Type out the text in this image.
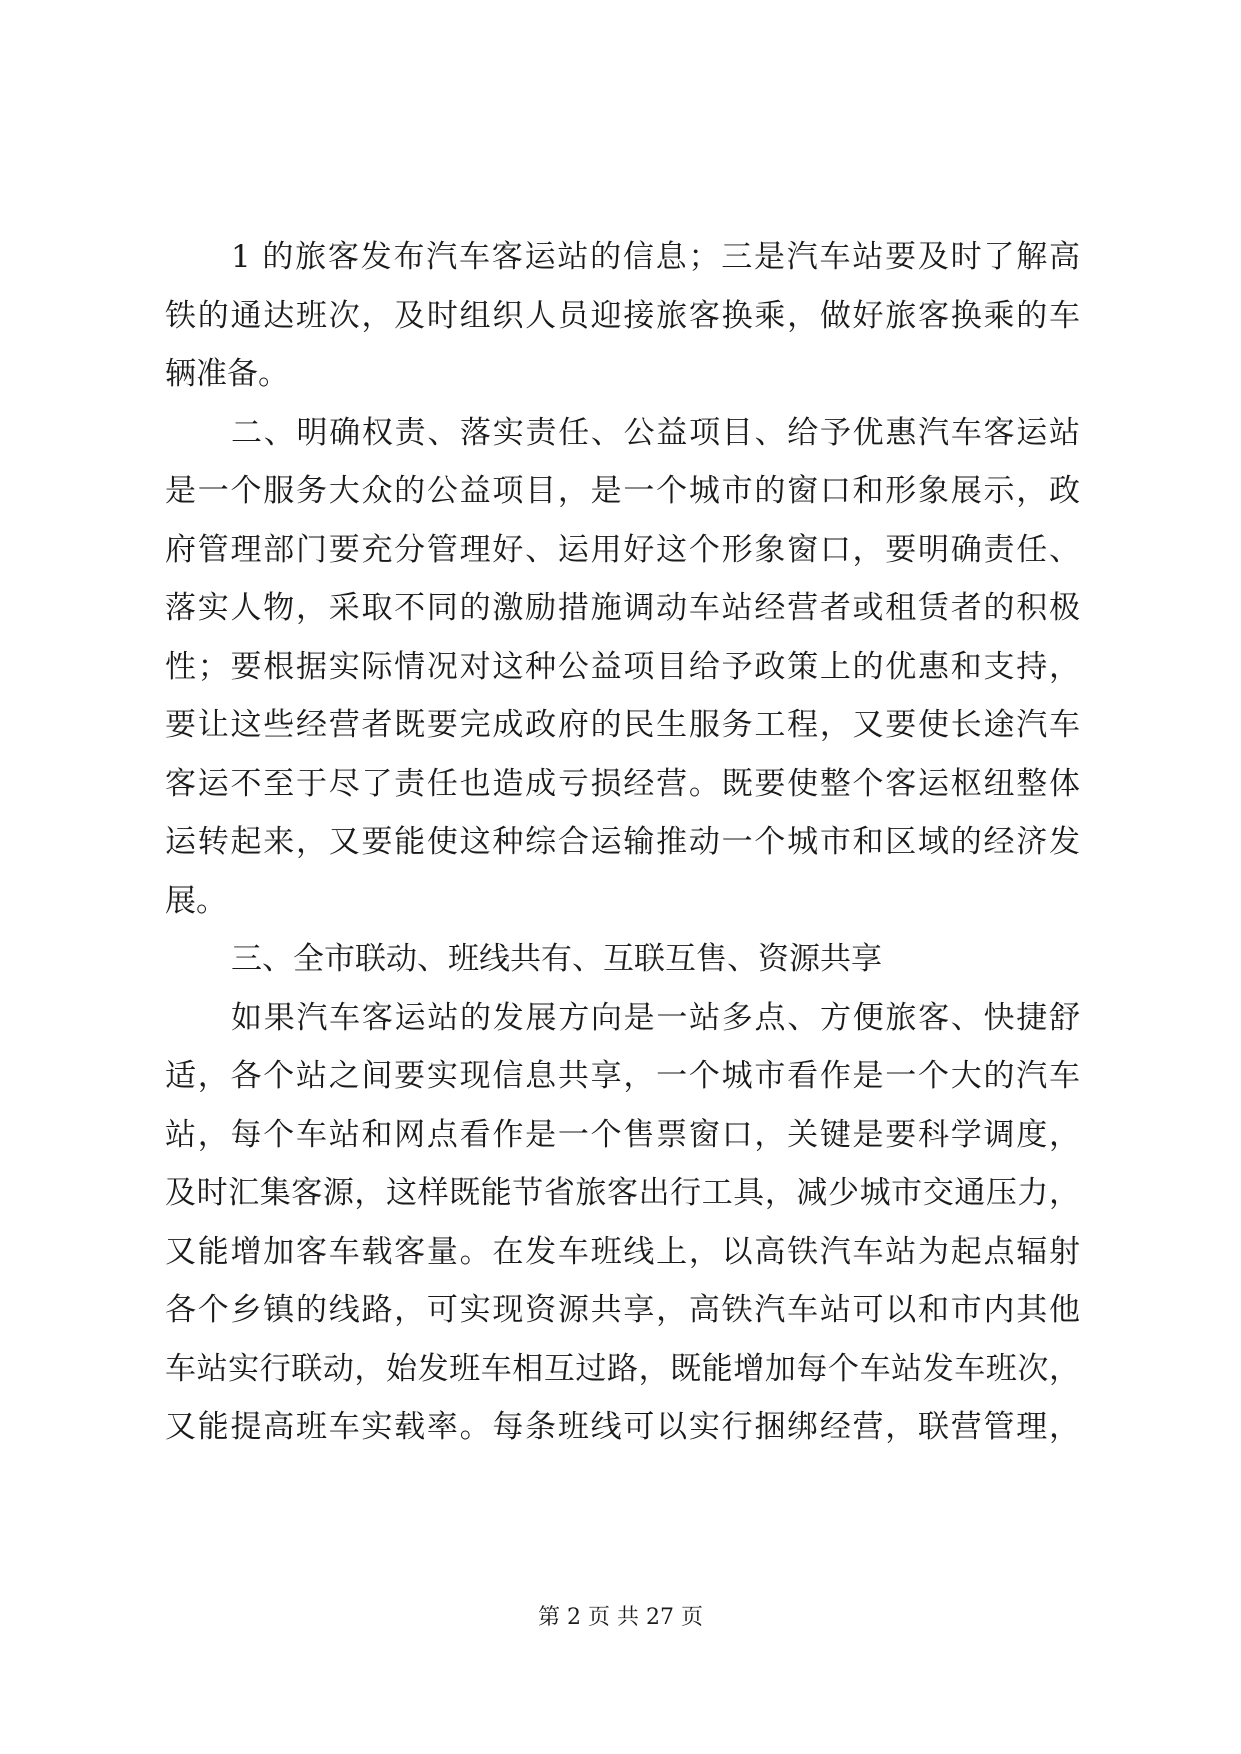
1 的旅客发布汽车客运站的信息；三是汽车站要及时了解高
铁的通达班次，及时组织人员迎接旅客换乘，做好旅客换乘的车
辆准备。
二、明确权责、落实责任、公益项目、给予优惠汽车客运站
是一个服务大众的公益项目，是一个城市的窗口和形象展示，政
府管理部门要充分管理好、运用好这个形象窗口，要明确责任、
落实人物，采取不同的激励措施调动车站经营者或租赁者的积极
性；要根据实际情况对这种公益项目给予政策上的优惠和支持，
要让这些经营者既要完成政府的民生服务工程，又要使长途汽车
客运不至于尽了责任也造成亏损经营。既要使整个客运枢纽整体
运转起来，又要能使这种综合运输推动一个城市和区域的经济发
展。
三、全市联动、班线共有、互联互售、资源共享
如果汽车客运站的发展方向是一站多点、方便旅客、快捷舒
适，各个站之间要实现信息共享，一个城市看作是一个大的汽车
站，每个车站和网点看作是一个售票窗口，关键是要科学调度，
及时汇集客源，这样既能节省旅客出行工具，减少城市交通压力，
又能增加客车载客量。在发车班线上，以高铁汽车站为起点辐射
各个乡镇的线路，可实现资源共享，高铁汽车站可以和市内其他
车站实行联动，始发班车相互过路，既能增加每个车站发车班次，
又能提高班车实载率。每条班线可以实行捆绑经营，联营管理，
第 2 页 共 27 页
